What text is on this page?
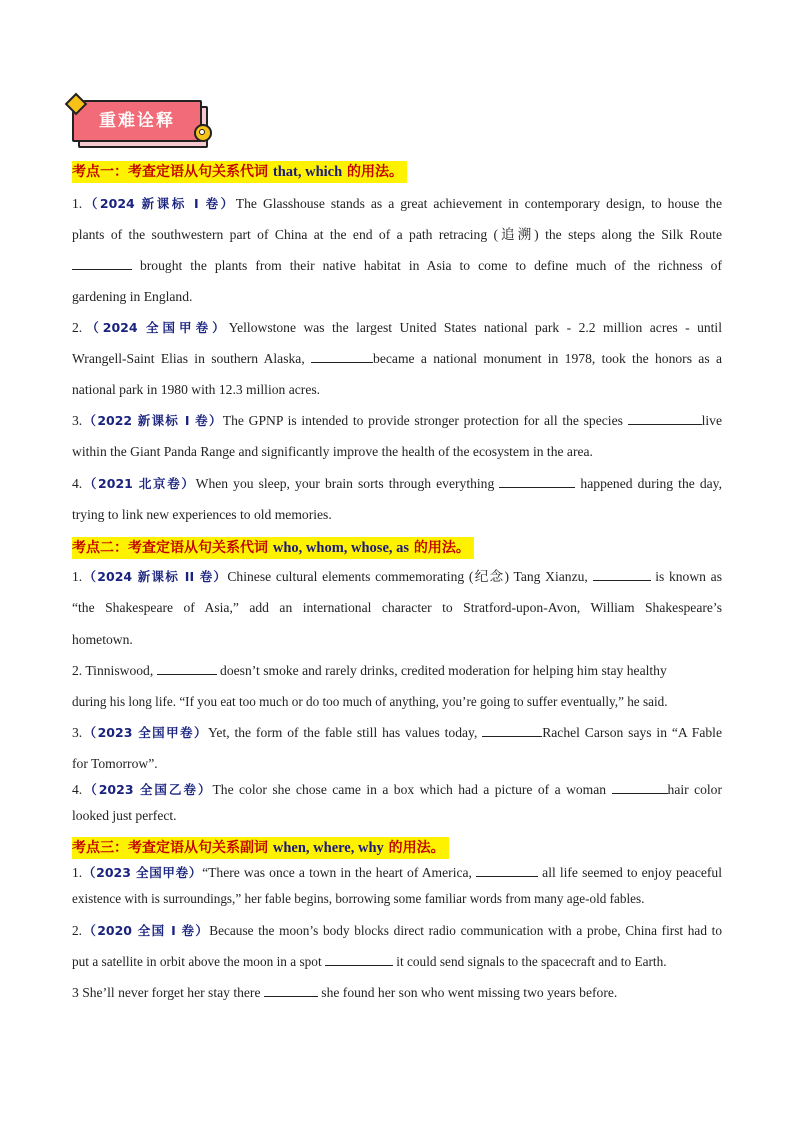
重难诠释
考点一：考查定语从句关系代词 that, which 的用法。
1.（2024 新课标 I 卷）The Glasshouse stands as a great achievement in contemporary design, to house the
plants of the southwestern part of China at the end of a path retracing (追溯) the steps along the Silk Route
brought the plants from their native habitat in Asia to come to define much of the richness of
gardening in England.
2.（2024 全国甲卷）Yellowstone was the largest United States national park - 2.2 million acres - until
Wrangell-Saint Elias in southern Alaska,	became a national monument in 1978, took the honors as a
national park in 1980 with 12.3 million acres.
3.（2022 新课标 I 卷）The GPNP is intended to provide stronger protection for all the species	live
within the Giant Panda Range and significantly improve the health of the ecosystem in the area.
4.（2021 北京卷）When you sleep, your brain sorts through everything	happened during the day,
trying to link new experiences to old memories.
考点二：考查定语从句关系代词 who, whom, whose, as 的用法。
1.（2024 新课标 II 卷）Chinese cultural elements commemorating (纪念) Tang Xianzu,	is known as
“the Shakespeare of Asia,” add an international character to Stratford-upon-Avon, William Shakespeare’s
hometown.
2. Tinniswood,	doesn’t smoke and rarely drinks, credited moderation for helping him stay healthy
during his long life. “If you eat too much or do too much of anything, you’re going to suffer eventually,” he said.
3.（2023 全国甲卷）Yet, the form of the fable still has values today,	Rachel Carson says in “A Fable
for Tomorrow”.
4.（2023 全国乙卷）The color she chose came in a box which had a picture of a woman	hair color
looked just perfect.
考点三：考查定语从句关系副词 when, where, why 的用法。
1.（2023 全国甲卷）“There was once a town in the heart of America,	all life seemed to enjoy peaceful
existence with is surroundings,” her fable begins, borrowing some familiar words from many age-old fables.
2.（2020 全国 I 卷）Because the moon’s body blocks direct radio communication with a probe, China first had to
put a satellite in orbit above the moon in a spot	it could send signals to the spacecraft and to Earth.
3 She’ll never forget her stay there	she found her son who went missing two years before.
